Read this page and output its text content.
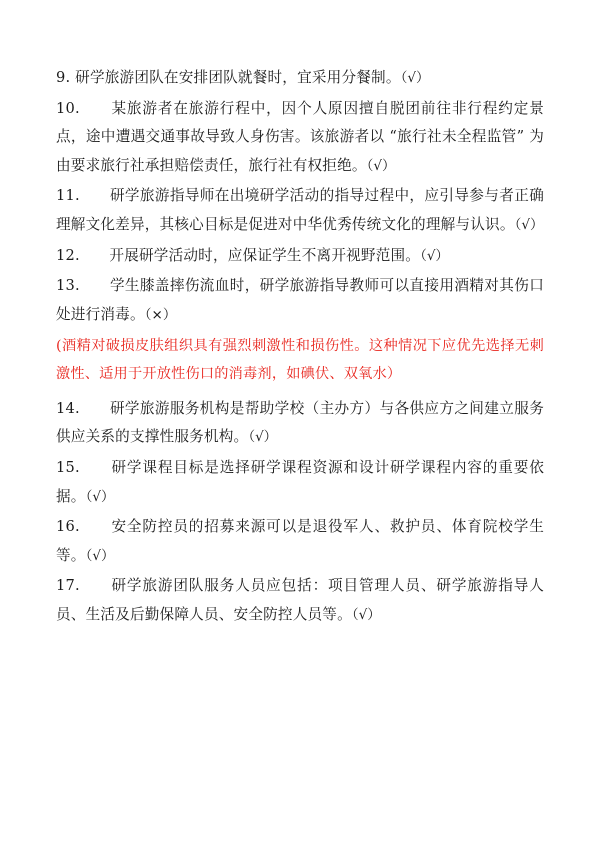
9. 研学旅游团队在安排团队就餐时，宜采用分餐制。（√）

10.　　 某旅游者在旅游行程中，因个人原因擅自脱团前往非行程约定景点，途中遭遇交通事故导致人身伤害。该旅游者以 “旅行社未全程监管” 为由要求旅行社承担赔偿责任，旅行社有权拒绝。（√）

11.　　 研学旅游指导师在出境研学活动的指导过程中，应引导参与者正确理解文化差异，其核心目标是促进对中华优秀传统文化的理解与认识。（√）

12.　　 开展研学活动时，应保证学生不离开视野范围。（√）

13.　　 学生膝盖摔伤流血时，研学旅游指导教师可以直接用酒精对其伤口处进行消毒。（×）

(酒精对破损皮肤组织具有强烈刺激性和损伤性。这种情况下应优先选择无刺激性、适用于开放性伤口的消毒剂，如碘伏、双氧水）

14.　　 研学旅游服务机构是帮助学校（主办方）与各供应方之间建立服务供应关系的支撑性服务机构。（√）

15.　　 研学课程目标是选择研学课程资源和设计研学课程内容的重要依据。（√）

16.　　 安全防控员的招募来源可以是退役军人、救护员、体育院校学生等。（√）

17.　　 研学旅游团队服务人员应包括：项目管理人员、研学旅游指导人员、生活及后勤保障人员、安全防控人员等。（√）
